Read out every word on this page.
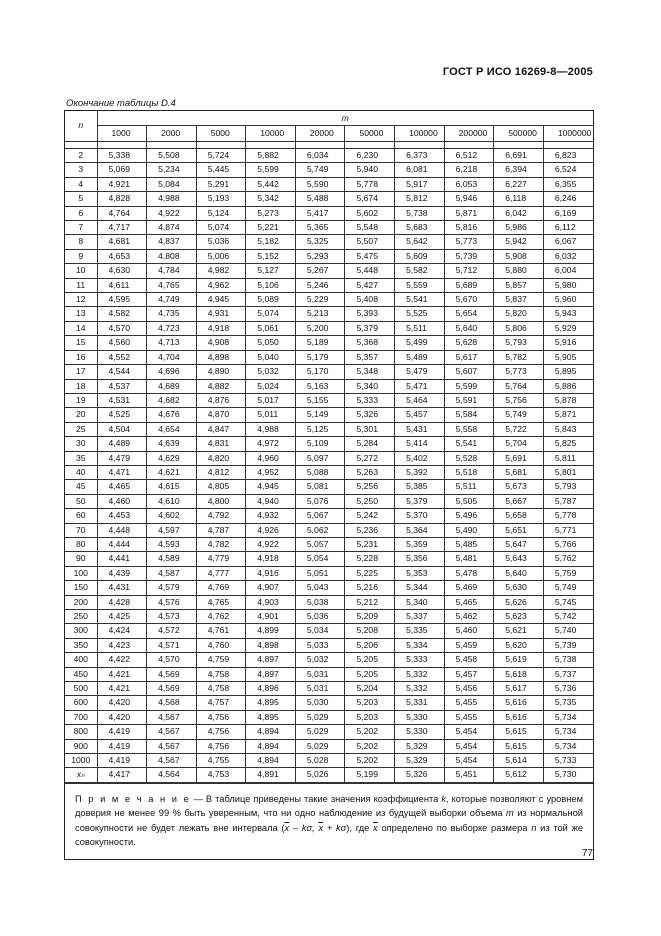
ГОСТ Р ИСО 16269-8—2005
Окончание таблицы D.4
n	m									
	1000	2000	5000	10000	20000	50000	100000	200000	500000	1000000

2	5,338	5,508	5,724	5,882	6,034	6,230	6,373	6,512	6,691	6,823
3	5,069	5,234	5,445	5,599	5,749	5,940	6,081	6,218	6,394	6,524
4	4,921	5,084	5,291	5,442	5,590	5,778	5,917	6,053	6,227	6,355
5	4,828	4,988	5,193	5,342	5,488	5,674	5,812	5,946	6,118	6,246
6	4,764	4,922	5,124	5,273	5,417	5,602	5,738	5,871	6,042	6,169
7	4,717	4,874	5,074	5,221	5,365	5,548	5,683	5,816	5,986	6,112
8	4,681	4,837	5,036	5,182	5,325	5,507	5,642	5,773	5,942	6,067
9	4,653	4,808	5,006	5,152	5,293	5,475	5,609	5,739	5,908	6,032
10	4,630	4,784	4,982	5,127	5,267	5,448	5,582	5,712	5,880	6,004
11	4,611	4,765	4,962	5,106	5,246	5,427	5,559	5,689	5,857	5,980
12	4,595	4,749	4,945	5,089	5,229	5,408	5,541	5,670	5,837	5,960
13	4,582	4,735	4,931	5,074	5,213	5,393	5,525	5,654	5,820	5,943
14	4,570	4,723	4,918	5,061	5,200	5,379	5,511	5,640	5,806	5,929
15	4,560	4,713	4,908	5,050	5,189	5,368	5,499	5,628	5,793	5,916
16	4,552	4,704	4,898	5,040	5,179	5,357	5,489	5,617	5,782	5,905
17	4,544	4,696	4,890	5,032	5,170	5,348	5,479	5,607	5,773	5,895
18	4,537	4,689	4,882	5,024	5,163	5,340	5,471	5,599	5,764	5,886
19	4,531	4,682	4,876	5,017	5,155	5,333	5,464	5,591	5,756	5,878
20	4,525	4,676	4,870	5,011	5,149	5,326	5,457	5,584	5,749	5,871
25	4,504	4,654	4,847	4,988	5,125	5,301	5,431	5,558	5,722	5,843
30	4,489	4,639	4,831	4,972	5,109	5,284	5,414	5,541	5,704	5,825
35	4,479	4,629	4,820	4,960	5,097	5,272	5,402	5,528	5,691	5,811
40	4,471	4,621	4,812	4,952	5,088	5,263	5,392	5,518	5,681	5,801
45	4,465	4,615	4,805	4,945	5,081	5,256	5,385	5,511	5,673	5,793
50	4,460	4,610	4,800	4,940	5,076	5,250	5,379	5,505	5,667	5,787
60	4,453	4,602	4,792	4,932	5,067	5,242	5,370	5,496	5,658	5,778
70	4,448	4,597	4,787	4,926	5,062	5,236	5,364	5,490	5,651	5,771
80	4,444	4,593	4,782	4,922	5,057	5,231	5,359	5,485	5,647	5,766
90	4,441	4,589	4,779	4,918	5,054	5,228	5,356	5,481	5,643	5,762
100	4,439	4,587	4,777	4,916	5,051	5,225	5,353	5,478	5,640	5,759
150	4,431	4,579	4,769	4,907	5,043	5,216	5,344	5,469	5,630	5,749
200	4,428	4,576	4,765	4,903	5,038	5,212	5,340	5,465	5,626	5,745
250	4,425	4,573	4,762	4,901	5,036	5,209	5,337	5,462	5,623	5,742
300	4,424	4,572	4,761	4,899	5,034	5,208	5,335	5,460	5,621	5,740
350	4,423	4,571	4,760	4,898	5,033	5,206	5,334	5,459	5,620	5,739
400	4,422	4,570	4,759	4,897	5,032	5,205	5,333	5,458	5,619	5,738
450	4,421	4,569	4,758	4,897	5,031	5,205	5,332	5,457	5,618	5,737
500	4,421	4,569	4,758	4,896	5,031	5,204	5,332	5,456	5,617	5,736
600	4,420	4,568	4,757	4,895	5,030	5,203	5,331	5,455	5,616	5,735
700	4,420	4,567	4,756	4,895	5,029	5,203	5,330	5,455	5,616	5,734
800	4,419	4,567	4,756	4,894	5,029	5,202	5,330	5,454	5,615	5,734
900	4,419	4,567	4,756	4,894	5,029	5,202	5,329	5,454	5,615	5,734
1000	4,419	4,567	4,755	4,894	5,028	5,202	5,329	5,454	5,614	5,733
xₙ	4,417	4,564	4,753	4,891	5,026	5,199	5,326	5,451	5,612	5,730
П р и м е ч а н и е — В таблице приведены такие значения коэффициента k, которые позволяют с уровнем доверия не менее 99 % быть уверенным, что ни одно наблюдение из будущей выборки объема m из нормальной совокупности не будет лежать вне интервала ($\overline{x}$ – kσ, $\overline{x} + k\sigma$), где $\overline{x}$ определено по выборке размера n из той же совокупности.
77
